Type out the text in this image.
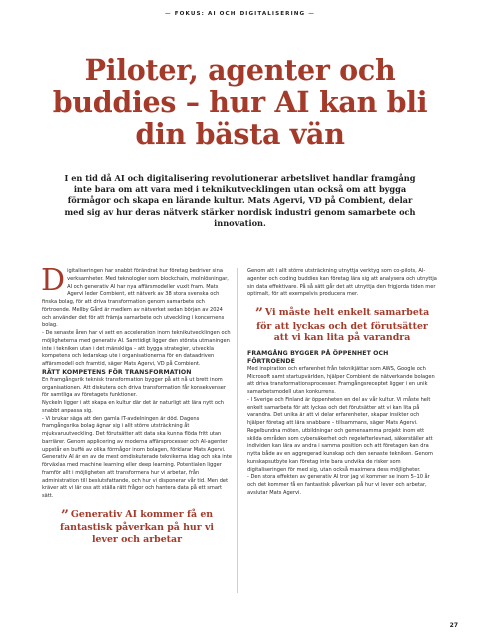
— FOKUS: AI OCH DIGITALISERING —
Piloter, agenter och buddies – hur AI kan bli din bästa vän

I en tid då AI och digitalisering revolutionerar arbetslivet handlar framgång inte bara om att vara med i teknikutvecklingen utan också om att bygga förmågor och skapa en lärande kultur. Mats Agervi, VD på Combient, delar med sig av hur deras nätverk stärker nordisk industri genom samarbete och innovation.

D igitaliseringen har snabbt förändrat hur företag bedriver sina verksamheter. Med teknologier som blockchain, molnlösningar, AI och generativ AI har nya affärsmodeller vuxit fram. Mats Agervi leder Combient, ett nätverk av 38 stora svenska och finska bolag, för att driva transformation genom samarbete och förtroende. Mellby Gård är medlem av nätverket sedan början av 2024 och använder det för att främja samarbete och utveckling i koncernens bolag.

- De senaste åren har vi sett en acceleration inom teknikutvecklingen och möjligheterna med generativ AI. Samtidigt ligger den största utmaningen inte i tekniken utan i det mänskliga – att bygga strategier, utveckla kompetens och ledarskap ute i organisationerna för en dataadriven affärsmodell och framtid, säger Mats Agervi, VD på Combient.

RÄTT KOMPETENS FÖR TRANSFORMATION

En framgångsrik teknisk transformation bygger på att nå ut brett inom organisationen. Att diskutera och driva transformation får konsekvenser för samtliga av företagets funktioner.

Nyckeln ligger i att skapa en kultur där det är naturligt att lära nytt och snabbt anpassa sig.

- Vi brukar säga att den gamla IT-avdelningen är död. Dagens framgångsrika bolag ägnar sig i allt större utsträckning åt mjukvaruutveckling. Det förutsätter att data ska kunna flöda fritt utan barriärer. Genom applicering av moderna affärsprocesser och AI-agenter uppstår en buffé av olika förmågor inom bolagen, förklarar Mats Agervi.

Generativ AI är en av de mest omdiskuterade teknikerna idag och ska inte förväxlas med machine learning eller deep learning. Potentialen ligger framför allt i möjligheten att transformera hur vi arbetar, från administration till beslutsfattande, och hur vi disponerar vår tid. Men det kräver att vi lär oss att ställa rätt frågor och hantera data på ett smart sätt.

” Generativ AI kommer få en fantastisk påverkan på hur vi lever och arbetar

Genom att i allt större utsträckning utnyttja verktyg som co-pilots, AI-agenter och coding buddies kan företag lära sig att analysera och utnyttja sin data effektivare. På så sätt går det att utnyttja den frigjorda tiden mer optimalt, för att exempelvis producera mer.

” Vi måste helt enkelt samarbeta för att lyckas och det förutsätter att vi kan lita på varandra

FRAMGÅNG BYGGER PÅ ÖPPENHET OCH FÖRTROENDE

Med inspiration och erfarenhet från teknikjättar som AWS, Google och Microsoft samt startupvärlden, hjälper Combient de nätverkande bolagen att driva transformationsprocesser. Framgångsreceptet ligger i en unik samarbetsmodell utan konkurrens.

- I Sverige och Finland är öppenheten en del av vår kultur. Vi måste helt enkelt samarbeta för att lyckas och det förutsätter att vi kan lita på varandra. Det unika är att vi delar erfarenheter, skapar insikter och hjälper företag att lära snabbare – tillsammans, säger Mats Agervi.

Regelbundna möten, utbildningar och gemensamma projekt inom ett skilda områden som cybersäkerhet och regelefterlevnad, säkerställer att individen kan lära av andra i samma position och att företagen kan dra nytta både av en aggregerad kunskap och den senaste tekniken. Genom kunskapsutbyte kan företag inte bara undvika de risker som digitaliseringen för med sig, utan också maximera dess möjligheter.

- Den stora effekten av generativ AI tror jag vi kommer se inom 5–10 år och det kommer få en fantastisk påverkan på hur vi lever och arbetar, avslutar Mats Agervi.

27
